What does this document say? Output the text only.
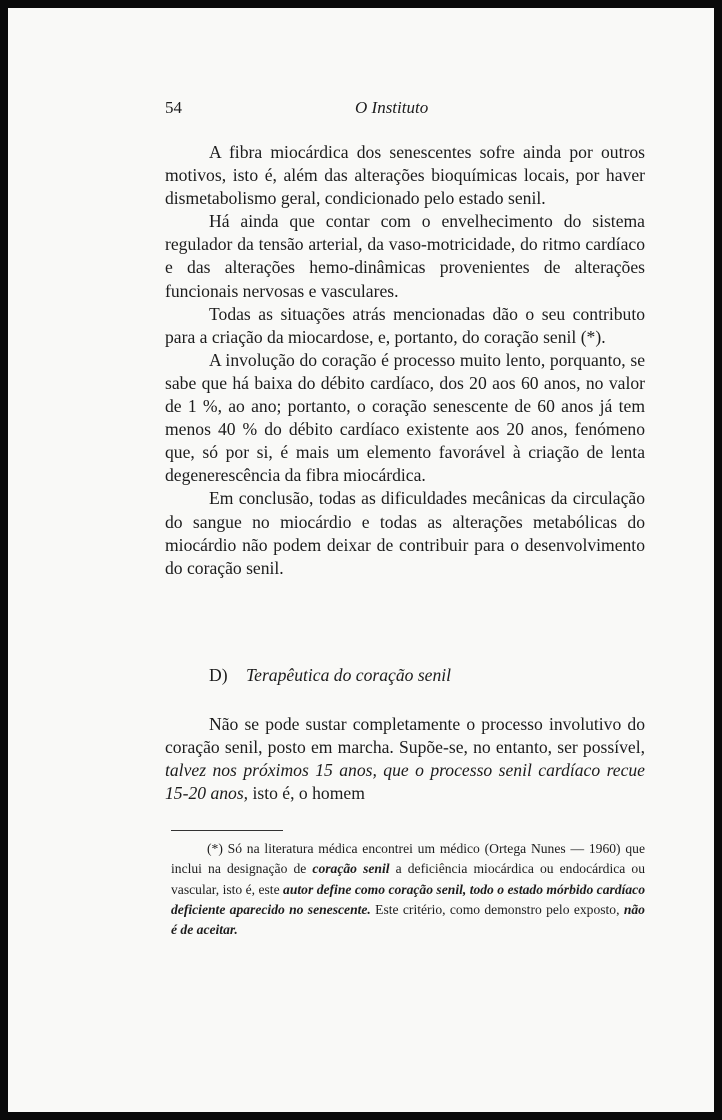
54	O Instituto

A fibra miocárdica dos senescentes sofre ainda por outros motivos, isto é, além das alterações bioquímicas locais, por haver dismetabolismo geral, condicionado pelo estado senil.

Há ainda que contar com o envelhecimento do sistema regulador da tensão arterial, da vaso-motricidade, do ritmo cardíaco e das alterações hemo-dinâmicas provenientes de alterações funcionais nervosas e vasculares.

Todas as situações atrás mencionadas dão o seu contributo para a criação da miocardose, e, portanto, do coração senil (*).

A involução do coração é processo muito lento, porquanto, se sabe que há baixa do débito cardíaco, dos 20 aos 60 anos, no valor de 1 %, ao ano; portanto, o coração senescente de 60 anos já tem menos 40 % do débito cardíaco existente aos 20 anos, fenómeno que, só por si, é mais um elemento favorável à criação de lenta degenerescência da fibra miocárdica.

Em conclusão, todas as dificuldades mecânicas da circulação do sangue no miocárdio e todas as alterações metabólicas do miocárdio não podem deixar de contribuir para o desenvolvimento do coração senil.

D) Terapêutica do coração senil

Não se pode sustar completamente o processo involutivo do coração senil, posto em marcha. Supõe-se, no entanto, ser possível, talvez nos próximos 15 anos, que o processo senil cardíaco recue 15-20 anos, isto é, o homem

(*) Só na literatura médica encontrei um médico (Ortega Nunes — 1960) que inclui na designação de coração senil a deficiência miocárdica ou endocárdica ou vascular, isto é, este autor define como coração senil, todo o estado mórbido cardíaco deficiente aparecido no senescente. Este critério, como demonstro pelo exposto, não é de aceitar.
